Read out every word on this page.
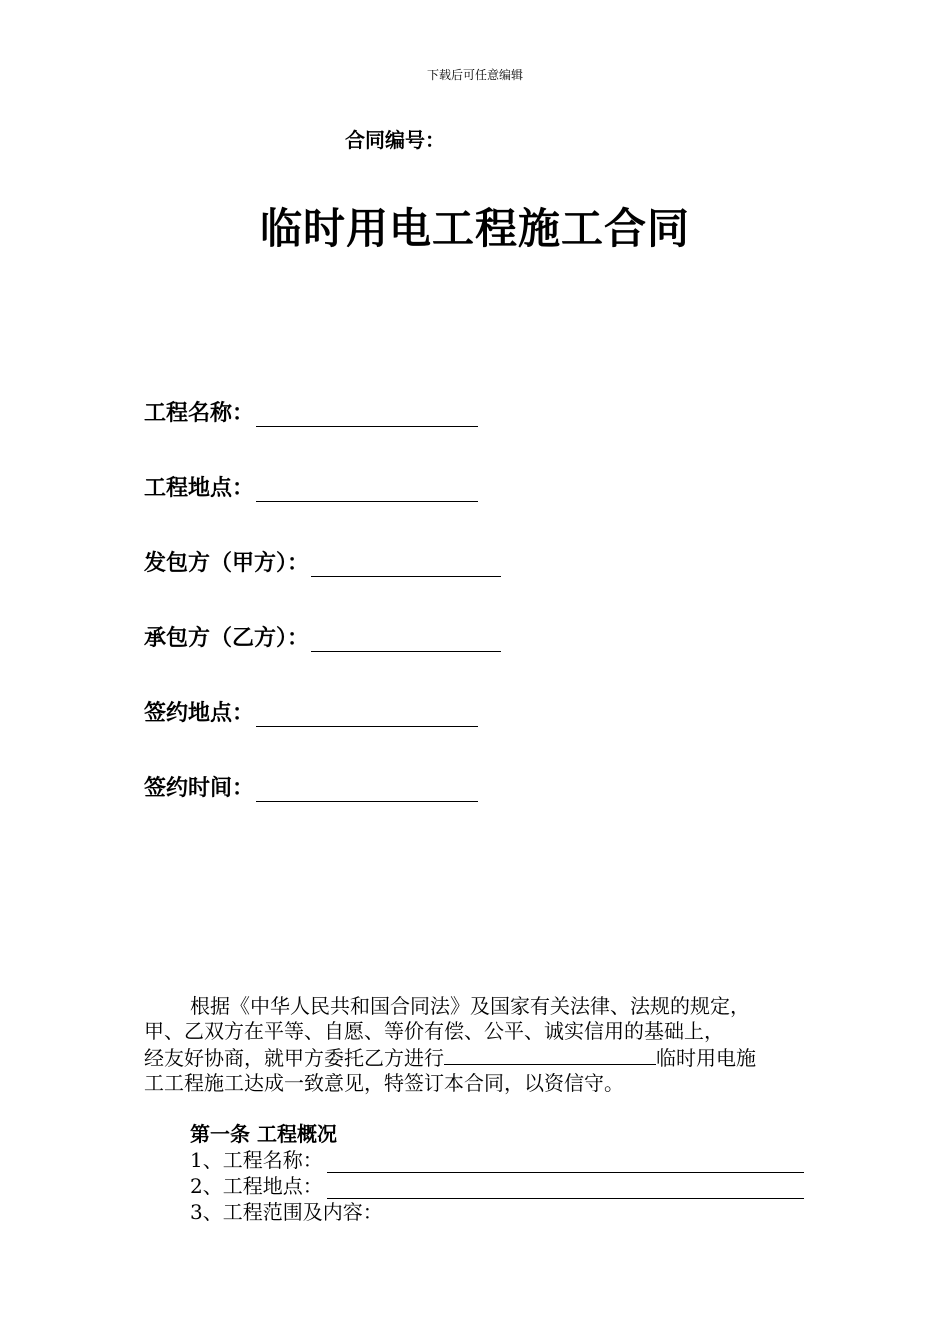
下载后可任意编辑
合同编号：
临时用电工程施工合同
工程名称：
工程地点：
发包方（甲方）：
承包方（乙方）：
签约地点：
签约时间：

根据《中华人民共和国合同法》及国家有关法律、法规的规定，

甲、乙双方在平等、自愿、等价有偿、公平、诚实信用的基础上，

经友好协商，就甲方委托乙方进行	临时用电施

工工程施工达成一致意见，特签订本合同，以资信守。

第一条 工程概况
1、工程名称：
2、工程地点：
3、工程范围及内容：
